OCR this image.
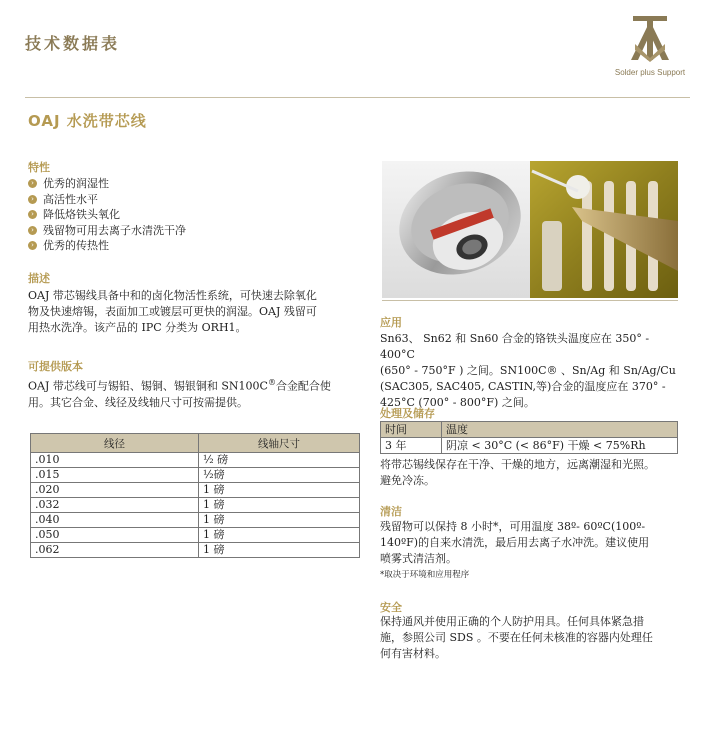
技术数据表
Solder plus Support
OAJ 水洗带芯线
特性
› 优秀的润湿性
› 高活性水平
› 降低烙铁头氧化
› 残留物可用去离子水清洗干净
› 优秀的传热性
描述
OAJ 带芯锡线具备中和的卤化物活性系统，可快速去除氧化
物及快速熔锡，表面加工或镀层可更快的润湿。OAJ 残留可
用热水洗净。该产品的 IPC 分类为 ORH1。
可提供版本
OAJ 带芯线可与锡铅、锡铜、锡银铜和 SN100C®合金配合使
用。其它合金、线径及线轴尺寸可按需提供。
线径	线轴尺寸
.010	½ 磅
.015	½磅
.020	1 磅
.032	1 磅
.040	1 磅
.050	1 磅
.062	1 磅
应用
Sn63、 Sn62 和 Sn60 合金的铬铁头温度应在 350° - 400°C
(650° - 750°F ) 之间。SN100C® 、Sn/Ag 和 Sn/Ag/Cu
(SAC305, SAC405, CASTIN,等)合金的温度应在 370° -
425°C (700° - 800°F) 之间。
处理及储存
时间	温度
3 年	阴凉 < 30°C (< 86°F) 干燥 < 75%Rh
将带芯锡线保存在干净、干燥的地方，远离潮湿和光照。
避免冷冻。
清洁
残留物可以保持 8 小时*，可用温度 38º- 60ºC(100º-
140ºF)的自来水清洗，最后用去离子水冲洗。建议使用
喷雾式清洁剂。
*取决于环境和应用程序
安全
保持通风并使用正确的个人防护用具。任何具体紧急措
施，参照公司 SDS 。不要在任何未核准的容器内处理任
何有害材料。
